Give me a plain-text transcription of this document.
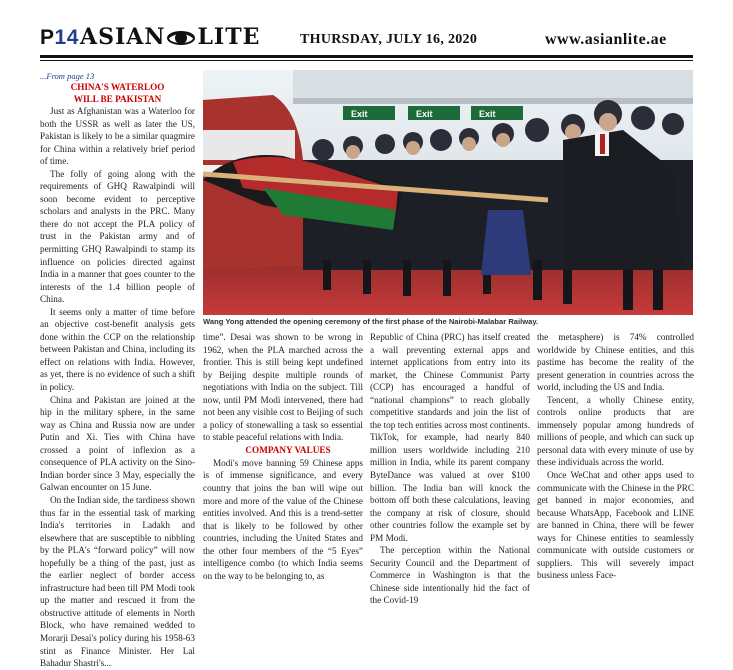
P14 ASIAN LITE	THURSDAY, JULY 16, 2020	www.asianlite.ae

...From page 13

CHINA'S WATERLOO

WILL BE PAKISTAN

Just as Afghanistan was a Waterloo for both the USSR as well as later the US, Pakistan is likely to be a similar quagmire for China within a relatively brief period of time.

The folly of going along with the requirements of GHQ Rawalpindi will soon become evident to perceptive scholars and analysts in the PRC. Many there do not accept the PLA policy of trust in the Pakistan army and of permitting GHQ Rawalpindi to stamp its influence on policies directed against India in a manner that goes counter to the interests of the 1.4 billion people of China.

It seems only a matter of time before an objective cost-benefit analysis gets done within the CCP on the relationship between Pakistan and China, including its effect on relations with India. However, as yet, there is no evidence of such a shift in policy.

China and Pakistan are joined at the hip in the military sphere, in the same way as China and Russia now are under Putin and Xi. Ties with China have crossed a point of inflexion as a consequence of PLA activity on the Sino-Indian border since 3 May, especially the Galwan encounter on 15 June.

On the Indian side, the tardiness shown thus far in the essential task of marking India's territories in Ladakh and elsewhere that are susceptible to nibbling by the PLA's “forward policy” will now hopefully be a thing of the past, just as the earlier neglect of border access infrastructure had been till PM Modi took up the matter and rescued it from the obstructive attitude of elements in North Block, who have remained wedded to Morarji Desai's policy during his 1958-63 stint as Finance Minister. Her Lal Bahadur Shastri's...

Exit	Exit	Exit
Wang Yong attended the opening ceremony of the first phase of the Nairobi-Malabar Railway.

time”. Desai was shown to be wrong in 1962, when the PLA marched across the frontier. This is still being kept undefined by Beijing despite multiple rounds of negotiations with India on the subject. Till now, until PM Modi intervened, there had not been any visible cost to Beijing of such a policy of stonewalling a task so essential to stable peaceful relations with India.

COMPANY VALUES

Modi's move banning 59 Chinese apps is of immense significance, and every country that joins the ban will wipe out more and more of the value of the Chinese entities involved. And this is a trend-setter that is likely to be followed by other countries, including the United States and the other four members of the “5 Eyes” intelligence combo (to which India seems on the way to be belonging to, as

Republic of China (PRC) has itself created a wall preventing external apps and internet applications from entry into its market, the Chinese Communist Party (CCP) has encouraged a handful of “national champions” to reach globally competitive standards and join the list of the top tech entities across most continents. TikTok, for example, had nearly 840 million users worldwide including 210 million in India, while its parent company ByteDance was valued at over $100 billion. The India ban will knock the bottom off both these calculations, leaving the company at risk of closure, should other countries follow the example set by PM Modi.

The perception within the National Security Council and the Department of Commerce in Washington is that the Chinese side intentionally hid the fact of the Covid-19

the metasphere) is 74% controlled worldwide by Chinese entities, and this pastime has become the reality of the present generation in countries across the world, including the US and India.

Tencent, a wholly Chinese entity, controls online products that are immensely popular among hundreds of millions of people, and which can suck up personal data with every minute of use by these individuals across the world.

Once WeChat and other apps used to communicate with the Chinese in the PRC get banned in major economies, and because WhatsApp, Facebook and LINE are banned in China, there will be fewer ways for Chinese entities to seamlessly communicate with outside customers or suppliers. This will severely impact business unless Face-
